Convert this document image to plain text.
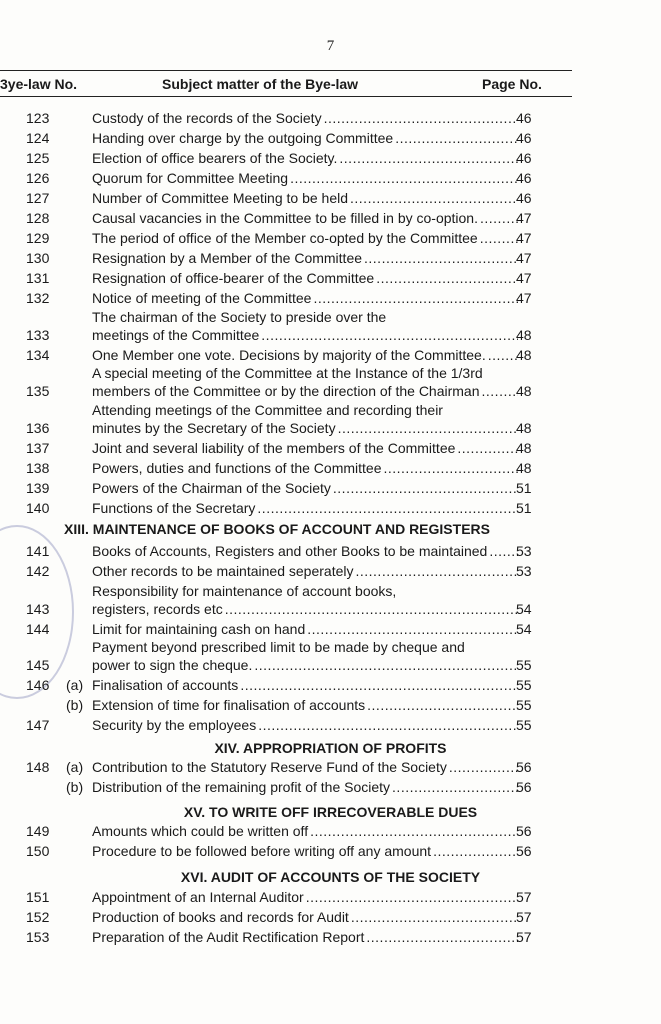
7
3ye-law No.	Subject matter of the Bye-law	Page No.
123	Custody of the records of the Society .....	46
124	Handing over charge by the outgoing Committee .....	46
125	Election of office bearers of the Society. .....	46
126	Quorum for Committee Meeting .....	46
127	Number of Committee Meeting to be held .....	46
128	Causal vacancies in the Committee to be filled in by co-option. .....	47
129	The period of office of the Member co-opted by the Committee .....	47
130	Resignation by a Member of the Committee .....	47
131	Resignation of office-bearer of the Committee .....	47
132	Notice of meeting of the Committee .....	47
The chairman of the Society to preside over the
133	meetings of the Committee .....	48
134	One Member one vote. Decisions by majority of the Committee. ..... 48
A special meeting of the Committee at the Instance of the 1/3rd
135	members of the Committee or by the direction of the Chairman .....	48
Attending meetings of the Committee and recording their
136	minutes by the Secretary of the Society .....	48
137	Joint and several liability of the members of the Committee .....	48
138	Powers, duties and functions of the Committee .....	48
139	Powers of the Chairman of the Society .....	51
140	Functions of the Secretary .....	51
XIII. MAINTENANCE OF BOOKS OF ACCOUNT AND REGISTERS
141	Books of Accounts, Registers and other Books to be maintained ..... 53
142	Other records to be maintained seperately .....	53
Responsibility for maintenance of account books,
143	registers, records etc .....	54
144	Limit for maintaining cash on hand .....	54
Payment beyond prescribed limit to be made by cheque and
145	power to sign the cheque. .....	55
146	(a) Finalisation of accounts .....	55
(b) Extension of time for finalisation of accounts .....	55
147	Security by the employees .....	55
XIV. APPROPRIATION OF PROFITS
148	(a) Contribution to the Statutory Reserve Fund of the Society .....	56
(b) Distribution of the remaining profit of the Society .....	56
XV. TO WRITE OFF IRRECOVERABLE DUES
149	Amounts which could be written off .....	56
150	Procedure to be followed before writing off any amount .....	56
XVI. AUDIT OF ACCOUNTS OF THE SOCIETY
151	Appointment of an Internal Auditor .....	57
152	Production of books and records for Audit .....	57
153	Preparation of the Audit Rectification Report .....	57
